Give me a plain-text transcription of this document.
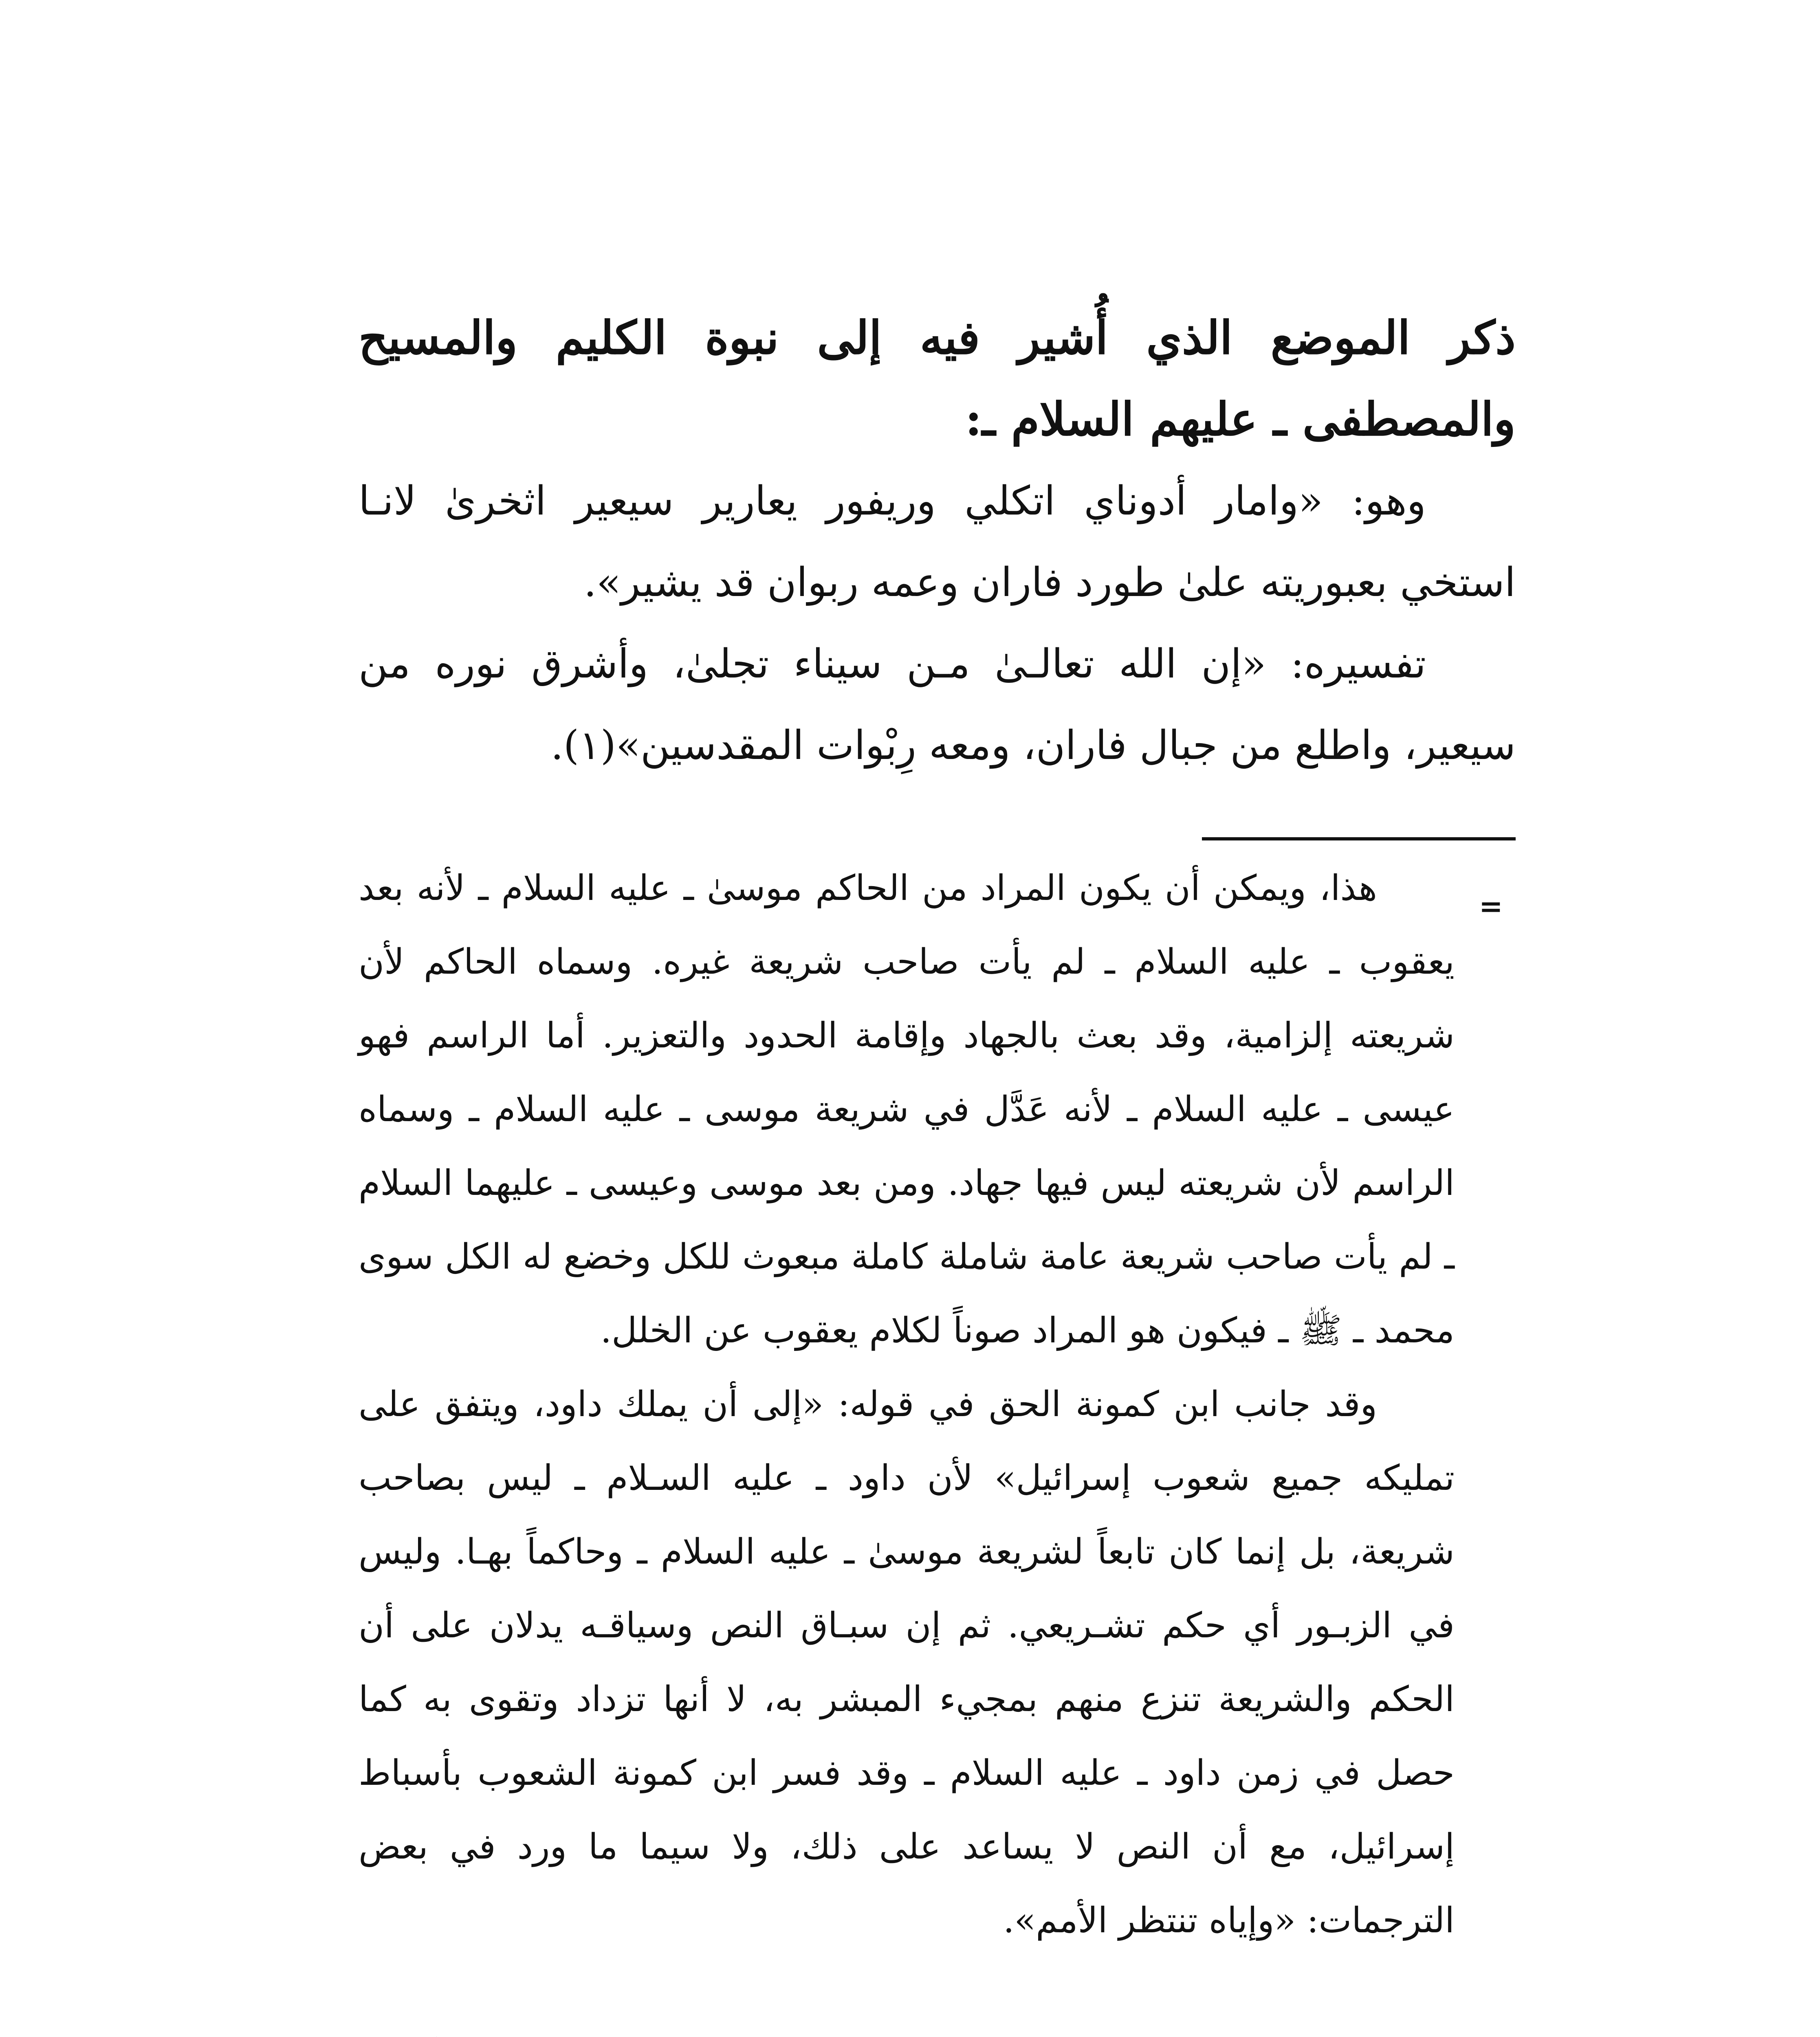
ذكر الموضع الذي أُشير فيه إلى نبوة الكليم والمسيح والمصطفى ـ عليهم السلام ـ:

وهو: «وامار أدوناي اتكلي وريفور يعارير سيعير اثخرىٰ لانـا استخي بعبوريته علىٰ طورد فاران وعمه ربوان قد يشير».

تفسيره: «إن الله تعالـىٰ مـن سيناء تجلىٰ، وأشرق نوره من سيعير، واطلع من جبال فاران، ومعه رِبْوات المقدسين»(١).

=

هذا، ويمكن أن يكون المراد من الحاكم موسىٰ ـ عليه السلام ـ لأنه بعد يعقوب ـ عليه السلام ـ لم يأت صاحب شريعة غيره. وسماه الحاكم لأن شريعته إلزامية، وقد بعث بالجهاد وإقامة الحدود والتعزير. أما الراسم فهو عيسى ـ عليه السلام ـ لأنه عَدَّل في شريعة موسى ـ عليه السلام ـ وسماه الراسم لأن شريعته ليس فيها جهاد. ومن بعد موسى وعيسى ـ عليهما السلام ـ لم يأت صاحب شريعة عامة شاملة كاملة مبعوث للكل وخضع له الكل سوى محمد ـ ﷺ ـ فيكون هو المراد صوناً لكلام يعقوب عن الخلل.

وقد جانب ابن كمونة الحق في قوله: «إلى أن يملك داود، ويتفق على تمليكه جميع شعوب إسرائيل» لأن داود ـ عليه السـلام ـ ليس بصاحب شريعة، بل إنما كان تابعاً لشريعة موسىٰ ـ عليه السلام ـ وحاكماً بهـا. وليس في الزبـور أي حكم تشـريعي. ثم إن سبـاق النص وسياقـه يدلان على أن الحكم والشريعة تنزع منهم بمجيء المبشر به، لا أنها تزداد وتقوى به كما حصل في زمن داود ـ عليه السلام ـ وقد فسر ابن كمونة الشعوب بأسباط إسرائيل، مع أن النص لا يساعد على ذلك، ولا سيما ما ورد في بعض الترجمات: «وإياه تنتظر الأمم».
